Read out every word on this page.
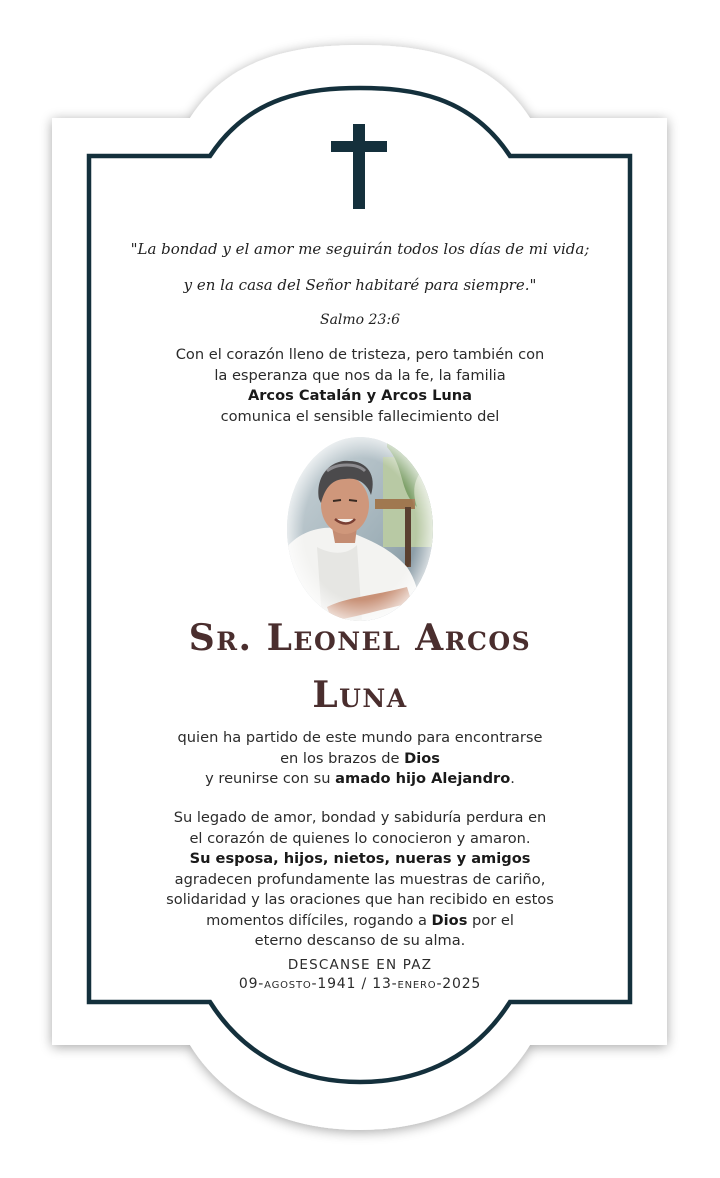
"La bondad y el amor me seguirán todos los días de mi vida;
y en la casa del Señor habitaré para siempre."
Salmo 23:6
Con el corazón lleno de tristeza, pero también con
la esperanza que nos da la fe, la familia
Arcos Catalán y Arcos Luna
comunica el sensible fallecimiento del
Sr. Leonel Arcos
Luna
quien ha partido de este mundo para encontrarse
en los brazos de Dios
y reunirse con su amado hijo Alejandro.
Su legado de amor, bondad y sabiduría perdura en
el corazón de quienes lo conocieron y amaron.
Su esposa, hijos, nietos, nueras y amigos
agradecen profundamente las muestras de cariño,
solidaridad y las oraciones que han recibido en estos
momentos difíciles, rogando a Dios por el
eterno descanso de su alma.
DESCANSE EN PAZ
09-agosto-1941 / 13-enero-2025
